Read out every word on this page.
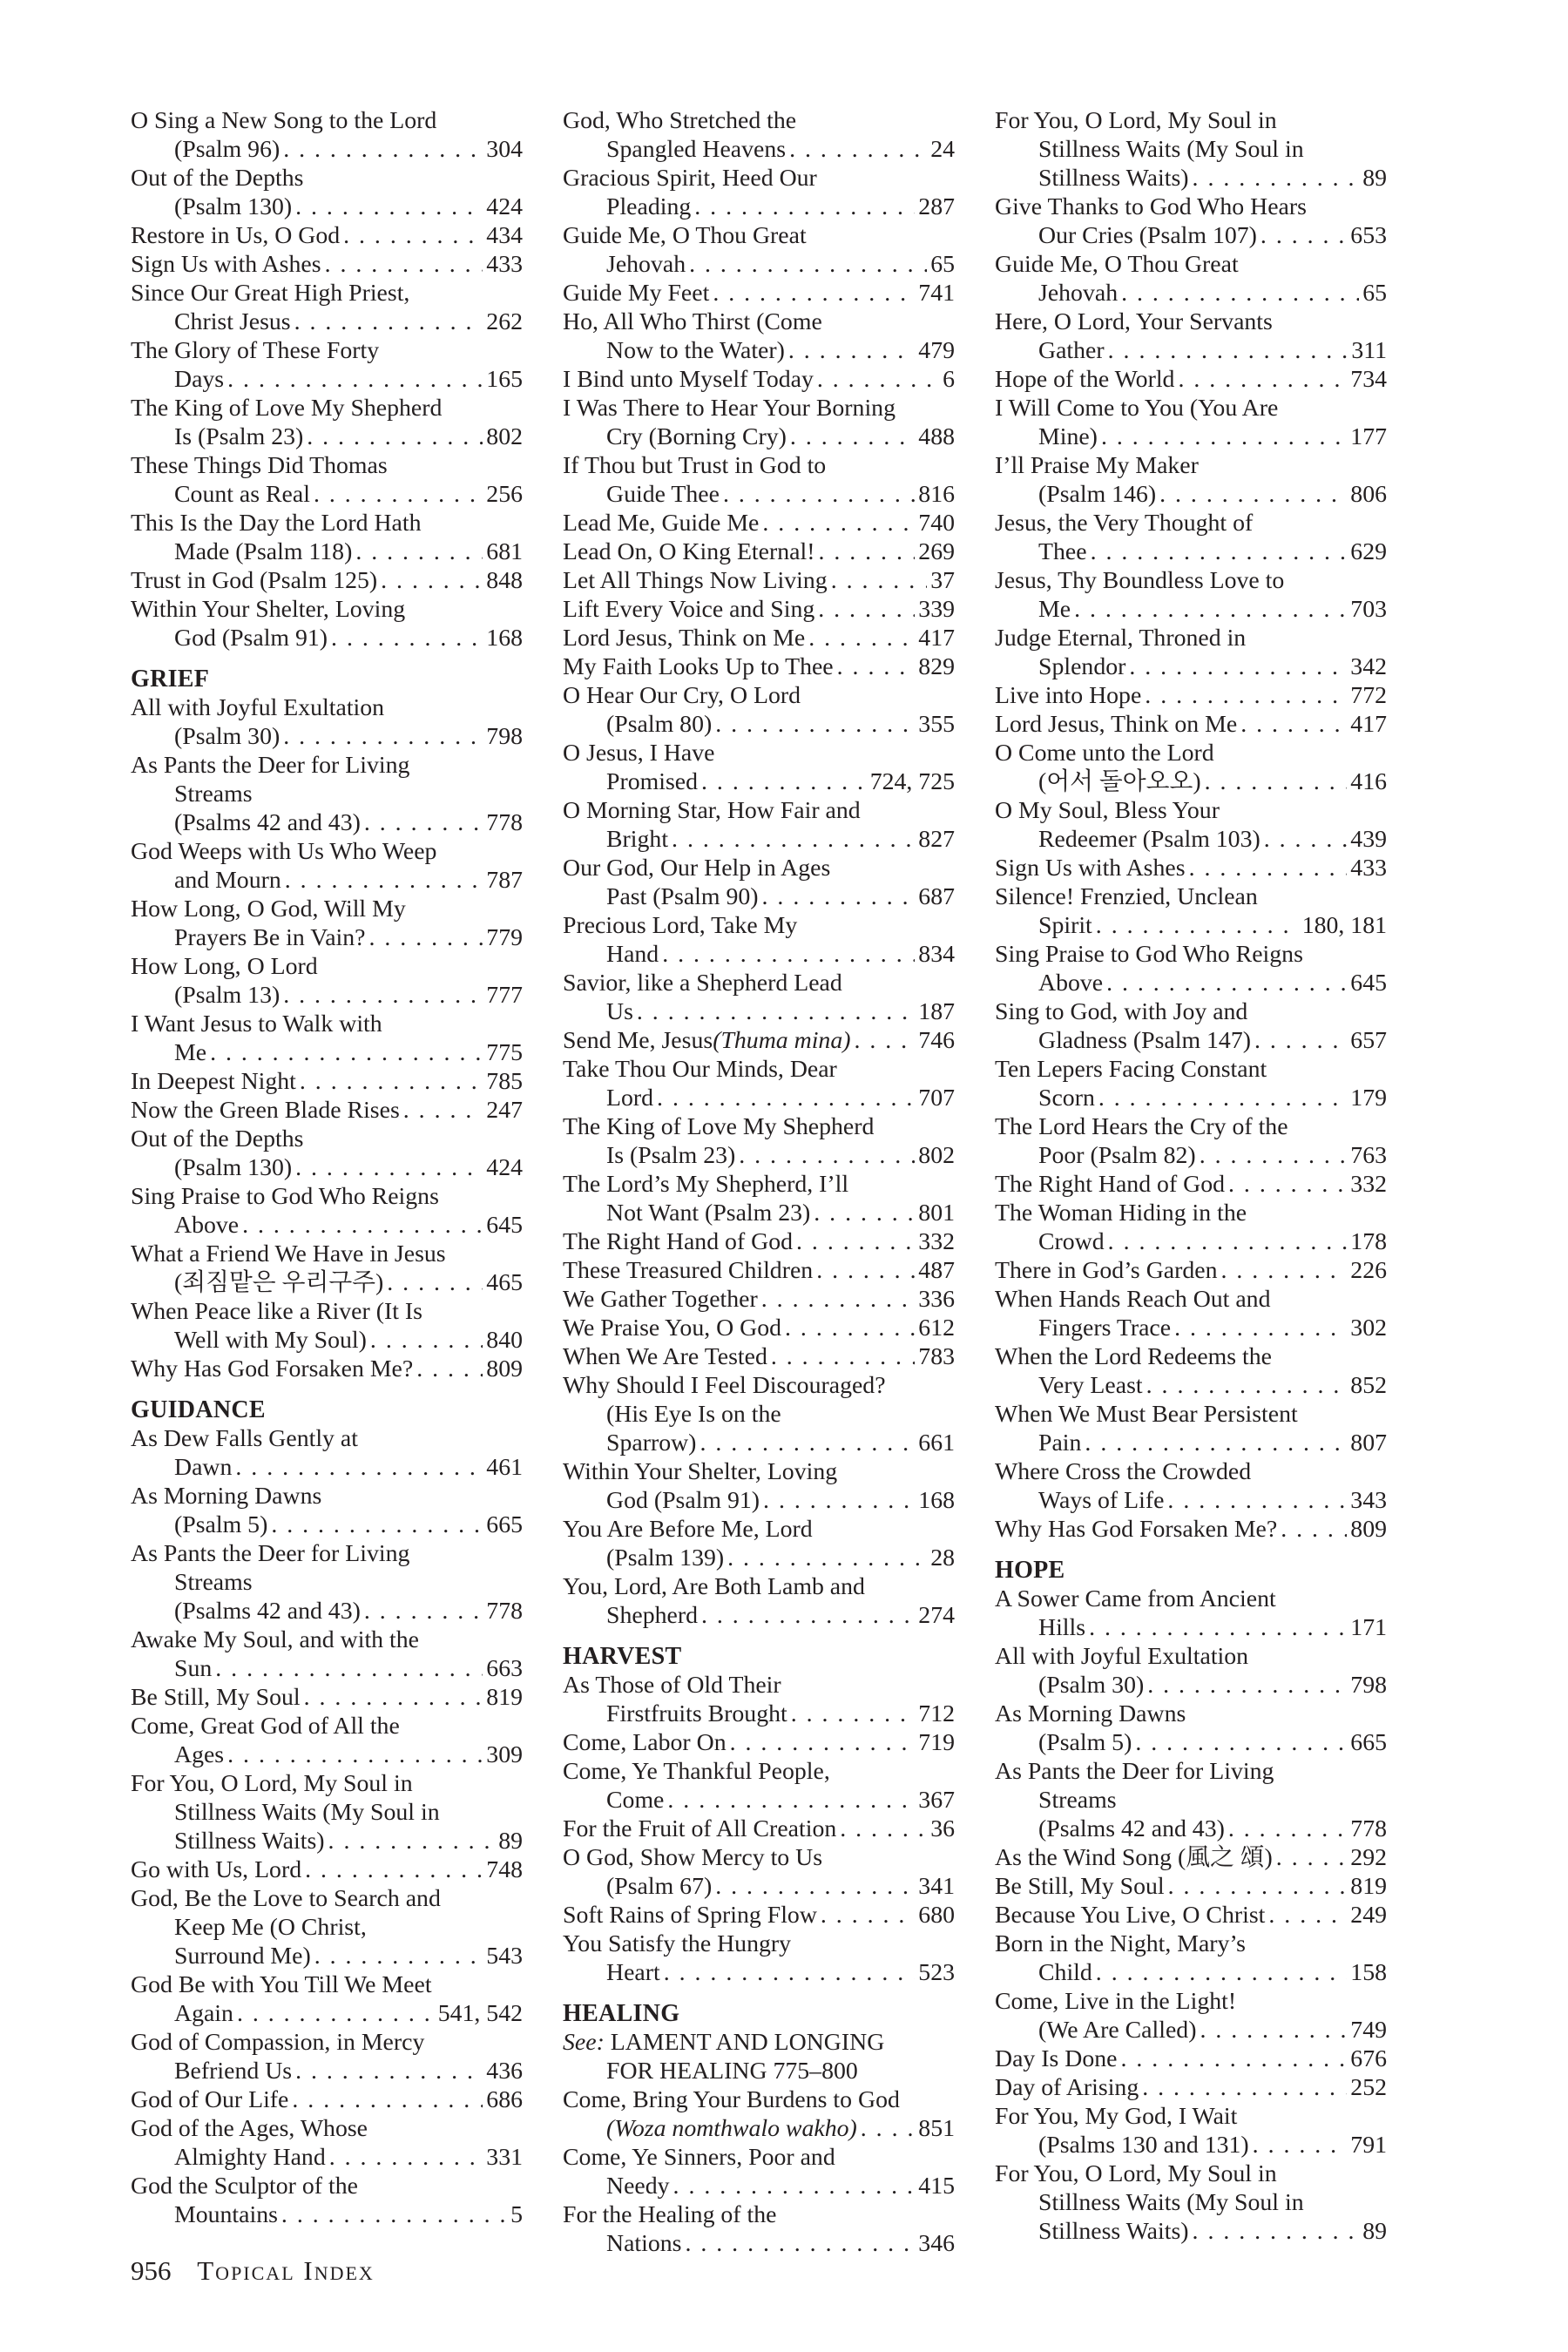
O Sing a New Song to the Lord
(Psalm 96) . . .	304
Out of the Depths
(Psalm 130) . . .	424
Restore in Us, O God . . .	434
Sign Us with Ashes . . .	433
Since Our Great High Priest,
Christ Jesus . . .	262
The Glory of These Forty
Days . . .	165
The King of Love My Shepherd
Is (Psalm 23) . . .	802
These Things Did Thomas
Count as Real . . .	256
This Is the Day the Lord Hath
Made (Psalm 118) . . .	681
Trust in God (Psalm 125) . . .	848
Within Your Shelter, Loving
God (Psalm 91) . . .	168
GRIEF
All with Joyful Exultation
(Psalm 30) . . .	798
As Pants the Deer for Living
Streams
(Psalms 42 and 43) . . .	778
God Weeps with Us Who Weep
and Mourn . . .	787
How Long, O God, Will My
Prayers Be in Vain? . . .	779
How Long, O Lord
(Psalm 13) . . .	777
I Want Jesus to Walk with
Me . . .	775
In Deepest Night . . .	785
Now the Green Blade Rises . . .	247
Out of the Depths
(Psalm 130) . . .	424
Sing Praise to God Who Reigns
Above . . .	645
What a Friend We Have in Jesus
(죄짐맡은 우리구주) . . .	465
When Peace like a River (It Is
Well with My Soul) . . .	840
Why Has God Forsaken Me? . . .	809
GUIDANCE
As Dew Falls Gently at
Dawn . . .	461
As Morning Dawns
(Psalm 5) . . .	665
As Pants the Deer for Living
Streams
(Psalms 42 and 43) . . .	778
Awake My Soul, and with the
Sun . . .	663
Be Still, My Soul . . .	819
Come, Great God of All the
Ages . . .	309
For You, O Lord, My Soul in
Stillness Waits (My Soul in
Stillness Waits) . . .	89
Go with Us, Lord . . .	748
God, Be the Love to Search and
Keep Me (O Christ,
Surround Me) . . .	543
God Be with You Till We Meet
Again . . .	541, 542
God of Compassion, in Mercy
Befriend Us . . .	436
God of Our Life . . .	686
God of the Ages, Whose
Almighty Hand . . .	331
God the Sculptor of the
Mountains . . .	5
God, Who Stretched the
Spangled Heavens . . .	24
Gracious Spirit, Heed Our
Pleading . . .	287
Guide Me, O Thou Great
Jehovah . . .	65
Guide My Feet . . .	741
Ho, All Who Thirst (Come
Now to the Water) . . .	479
I Bind unto Myself Today . . .	6
I Was There to Hear Your Borning
Cry (Borning Cry) . . .	488
If Thou but Trust in God to
Guide Thee . . .	816
Lead Me, Guide Me . . .	740
Lead On, O King Eternal! . . .	269
Let All Things Now Living . . .	37
Lift Every Voice and Sing . . .	339
Lord Jesus, Think on Me . . .	417
My Faith Looks Up to Thee . . .	829
O Hear Our Cry, O Lord
(Psalm 80) . . .	355
O Jesus, I Have
Promised . . .	724, 725
O Morning Star, How Fair and
Bright . . .	827
Our God, Our Help in Ages
Past (Psalm 90) . . .	687
Precious Lord, Take My
Hand . . .	834
Savior, like a Shepherd Lead
Us . . .	187
Send Me, Jesus (Thuma mina) . . .	746
Take Thou Our Minds, Dear
Lord . . .	707
The King of Love My Shepherd
Is (Psalm 23) . . .	802
The Lord’s My Shepherd, I’ll
Not Want (Psalm 23) . . .	801
The Right Hand of God . . .	332
These Treasured Children . . .	487
We Gather Together . . .	336
We Praise You, O God . . .	612
When We Are Tested . . .	783
Why Should I Feel Discouraged?
(His Eye Is on the
Sparrow) . . .	661
Within Your Shelter, Loving
God (Psalm 91) . . .	168
You Are Before Me, Lord
(Psalm 139) . . .	28
You, Lord, Are Both Lamb and
Shepherd . . .	274
HARVEST
As Those of Old Their
Firstfruits Brought . . .	712
Come, Labor On . . .	719
Come, Ye Thankful People,
Come . . .	367
For the Fruit of All Creation . . .	36
O God, Show Mercy to Us
(Psalm 67) . . .	341
Soft Rains of Spring Flow . . .	680
You Satisfy the Hungry
Heart . . .	523
HEALING
See: LAMENT AND LONGING
FOR HEALING 775–800
Come, Bring Your Burdens to God
(Woza nomthwalo wakho) . . .	851
Come, Ye Sinners, Poor and
Needy . . .	415
For the Healing of the
Nations . . .	346
For You, O Lord, My Soul in
Stillness Waits (My Soul in
Stillness Waits) . . .	89
Give Thanks to God Who Hears
Our Cries (Psalm 107) . . .	653
Guide Me, O Thou Great
Jehovah . . .	65
Here, O Lord, Your Servants
Gather . . .	311
Hope of the World . . .	734
I Will Come to You (You Are
Mine) . . .	177
I’ll Praise My Maker
(Psalm 146) . . .	806
Jesus, the Very Thought of
Thee . . .	629
Jesus, Thy Boundless Love to
Me . . .	703
Judge Eternal, Throned in
Splendor . . .	342
Live into Hope . . .	772
Lord Jesus, Think on Me . . .	417
O Come unto the Lord
(어서 돌아오오) . . .	416
O My Soul, Bless Your
Redeemer (Psalm 103) . . .	439
Sign Us with Ashes . . .	433
Silence! Frenzied, Unclean
Spirit . . .	180, 181
Sing Praise to God Who Reigns
Above . . .	645
Sing to God, with Joy and
Gladness (Psalm 147) . . .	657
Ten Lepers Facing Constant
Scorn . . .	179
The Lord Hears the Cry of the
Poor (Psalm 82) . . .	763
The Right Hand of God . . .	332
The Woman Hiding in the
Crowd . . .	178
There in God’s Garden . . .	226
When Hands Reach Out and
Fingers Trace . . .	302
When the Lord Redeems the
Very Least . . .	852
When We Must Bear Persistent
Pain . . .	807
Where Cross the Crowded
Ways of Life . . .	343
Why Has God Forsaken Me? . . .	809
HOPE
A Sower Came from Ancient
Hills . . .	171
All with Joyful Exultation
(Psalm 30) . . .	798
As Morning Dawns
(Psalm 5) . . .	665
As Pants the Deer for Living
Streams
(Psalms 42 and 43) . . .	778
As the Wind Song (風之 頌) . . .	292
Be Still, My Soul . . .	819
Because You Live, O Christ . . .	249
Born in the Night, Mary’s
Child . . .	158
Come, Live in the Light!
(We Are Called) . . .	749
Day Is Done . . .	676
Day of Arising . . .	252
For You, My God, I Wait
(Psalms 130 and 131) . . .	791
For You, O Lord, My Soul in
Stillness Waits (My Soul in
Stillness Waits) . . .	89
956 Topical Index
